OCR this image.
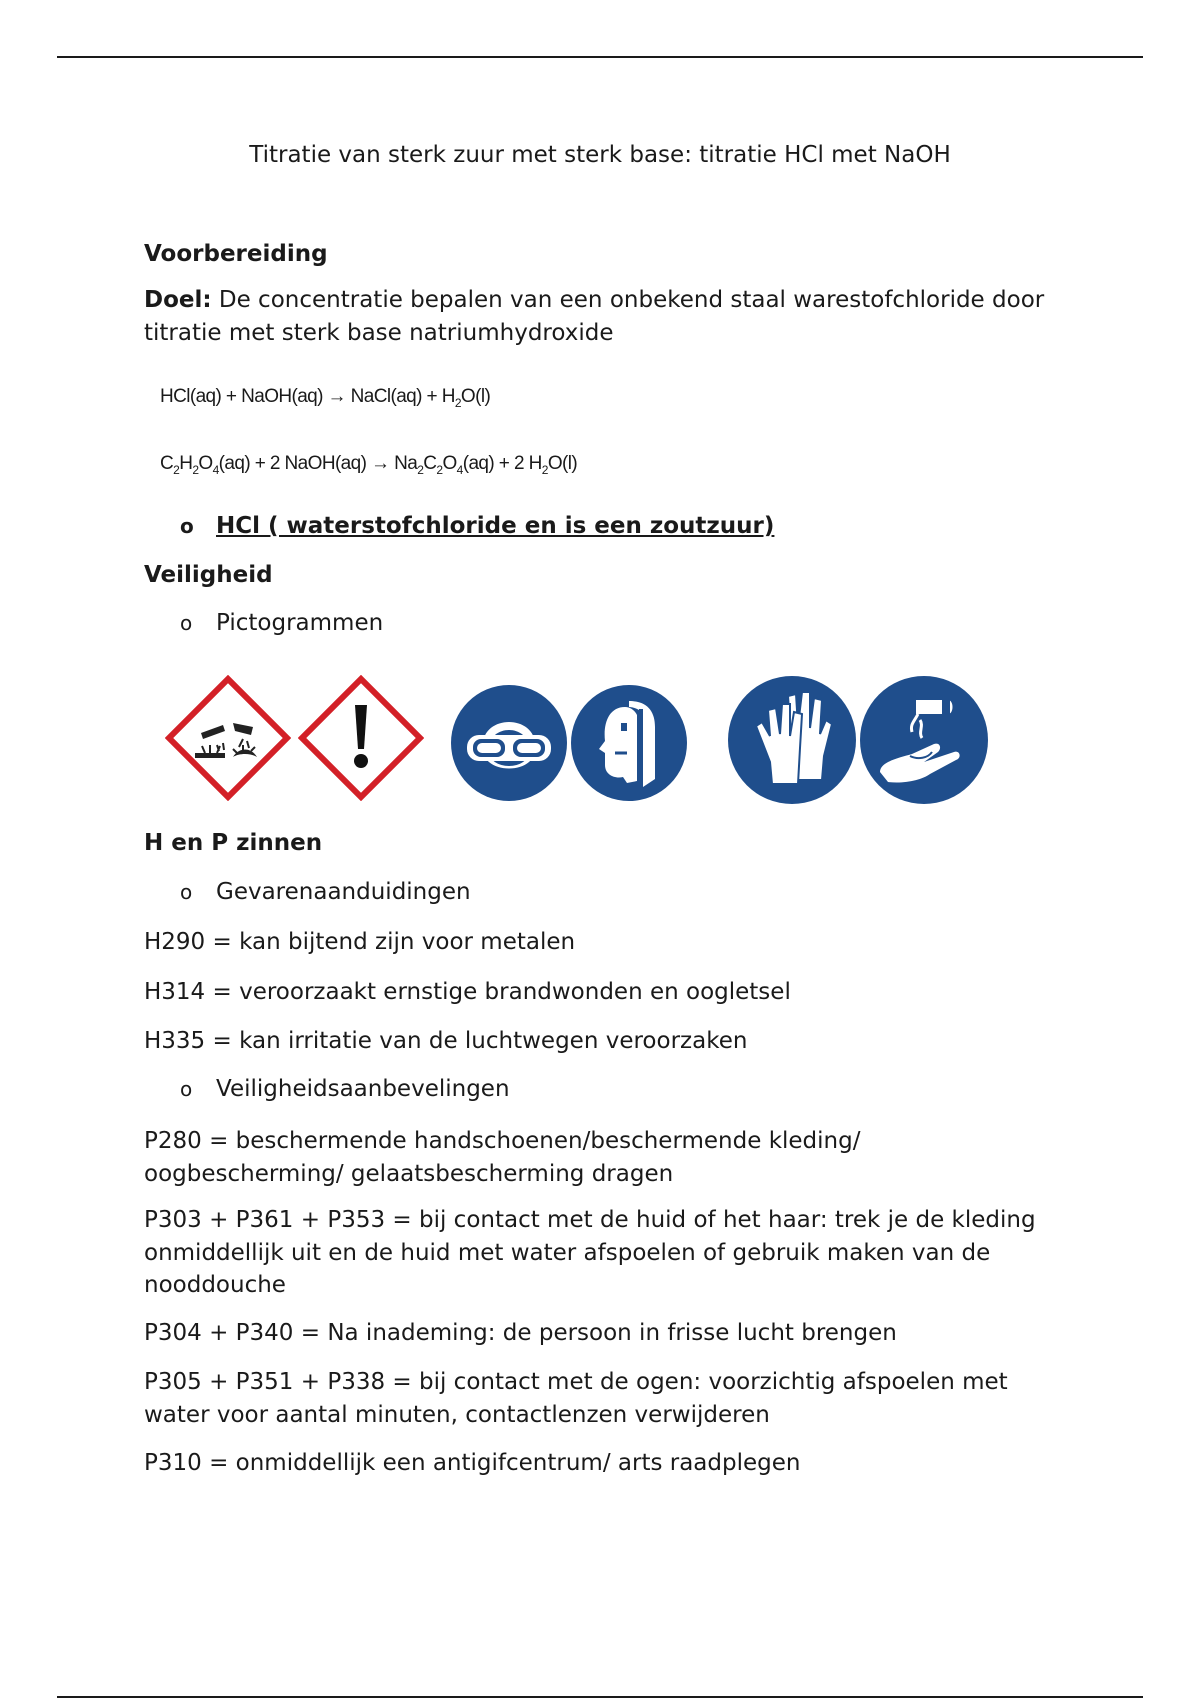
Titratie van sterk zuur met sterk base: titratie HCl met NaOH
Voorbereiding
Doel: De concentratie bepalen van een onbekend staal warestofchloride door titratie met sterk base natriumhydroxide
HCl(aq) + NaOH(aq) → NaCl(aq) + $H_2O(l)$
$C_2H_2O_4(aq) + 2$ NaOH(aq) → $Na_2C_2O_4(aq) + 2$ $H_2O(l)$
o HCl ( waterstofchloride en is een zoutzuur)
Veiligheid
o Pictogrammen
H en P zinnen
o Gevarenaanduidingen
H290 = kan bijtend zijn voor metalen
H314 = veroorzaakt ernstige brandwonden en oogletsel
H335 = kan irritatie van de luchtwegen veroorzaken
o Veiligheidsaanbevelingen
P280 = beschermende handschoenen/beschermende kleding/ oogbescherming/ gelaatsbescherming dragen
P303 + P361 + P353 = bij contact met de huid of het haar: trek je de kleding onmiddellijk uit en de huid met water afspoelen of gebruik maken van de nooddouche
P304 + P340 = Na inademing: de persoon in frisse lucht brengen
P305 + P351 + P338 = bij contact met de ogen: voorzichtig afspoelen met water voor aantal minuten, contactlenzen verwijderen
P310 = onmiddellijk een antigifcentrum/ arts raadplegen
